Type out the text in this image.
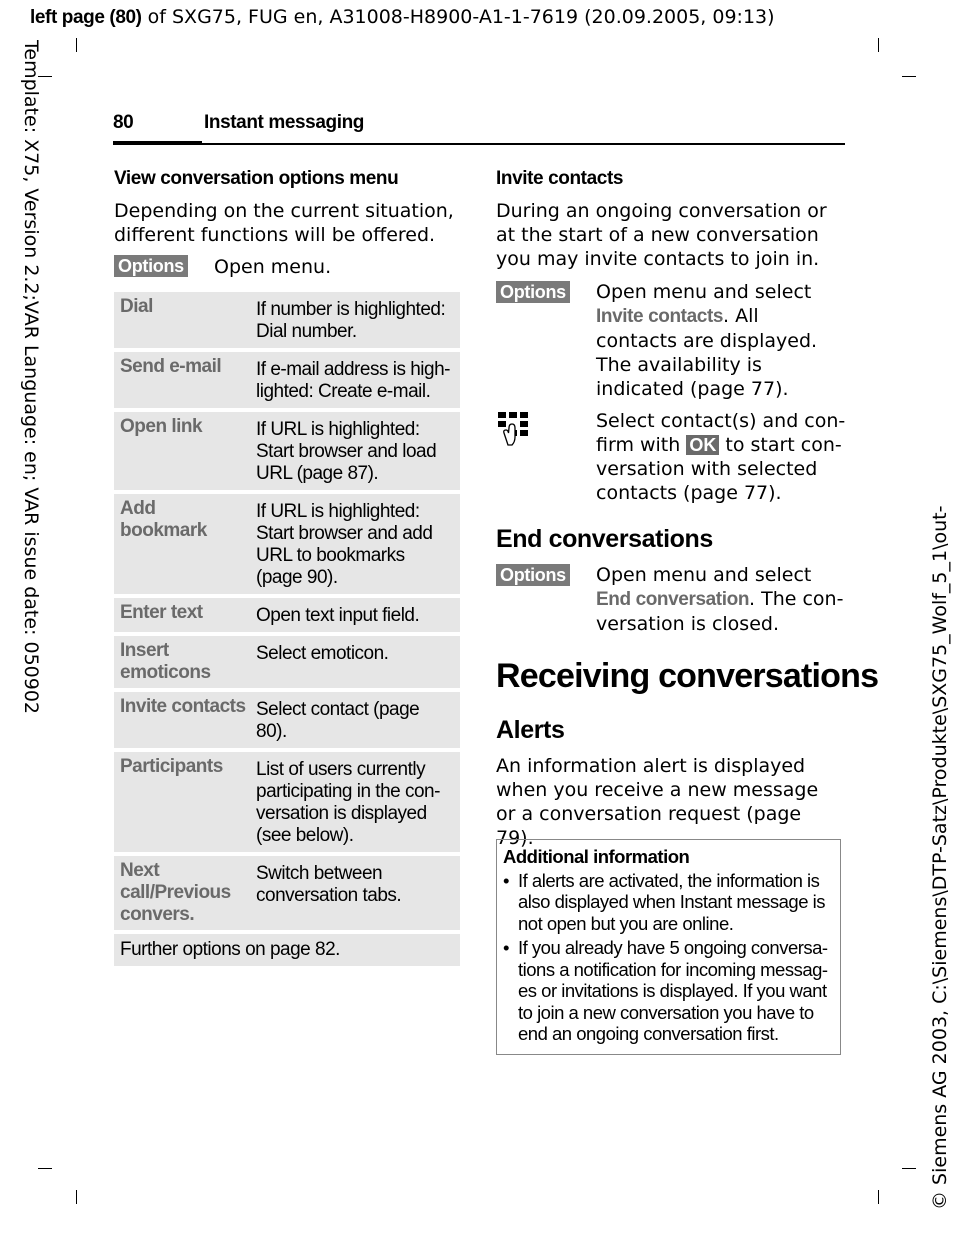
left page (80) of SXG75, FUG en, A31008-H8900-A1-1-7619 (20.09.2005, 09:13)
Template: X75, Version 2.2;VAR Language: en; VAR issue date: 050902
© Siemens AG 2003, C:\Siemens\DTP-Satz\Produkte\SXG75_Wolf_5_1\out-
80	Instant messaging
View conversation options menu
Depending on the current situation, different functions will be offered.
Options Open menu.
Dial	If number is highlighted: Dial number.
Send e-mail	If e-mail address is high-lighted: Create e-mail.
Open link	If URL is highlighted: Start browser and load URL (page 87).
Add bookmark	If URL is highlighted: Start browser and add URL to bookmarks (page 90).
Enter text	Open text input field.
Insert emoticons	Select emoticon.
Invite contacts	Select contact (page 80).
Participants	List of users currently participating in the con-versation is displayed (see below).
Next call/Previous convers.	Switch between conversation tabs.
Further options on page 82.	
Invite contacts
During an ongoing conversation or at the start of a new conversation you may invite contacts to join in.
Options Open menu and select Invite contacts. All contacts are displayed. The availability is indicated (page 77).
Select contact(s) and con-firm with OK to start con-versation with selected contacts (page 77).
End conversations
Options Open menu and select End conversation. The con-versation is closed.
Receiving conversations
Alerts
An information alert is displayed when you receive a new message or a conversation request (page 79).
Additional information
• If alerts are activated, the information is also displayed when Instant message is not open but you are online.
• If you already have 5 ongoing conversa-tions a notification for incoming messag-es or invitations is displayed. If you want to join a new conversation you have to end an ongoing conversation first.
